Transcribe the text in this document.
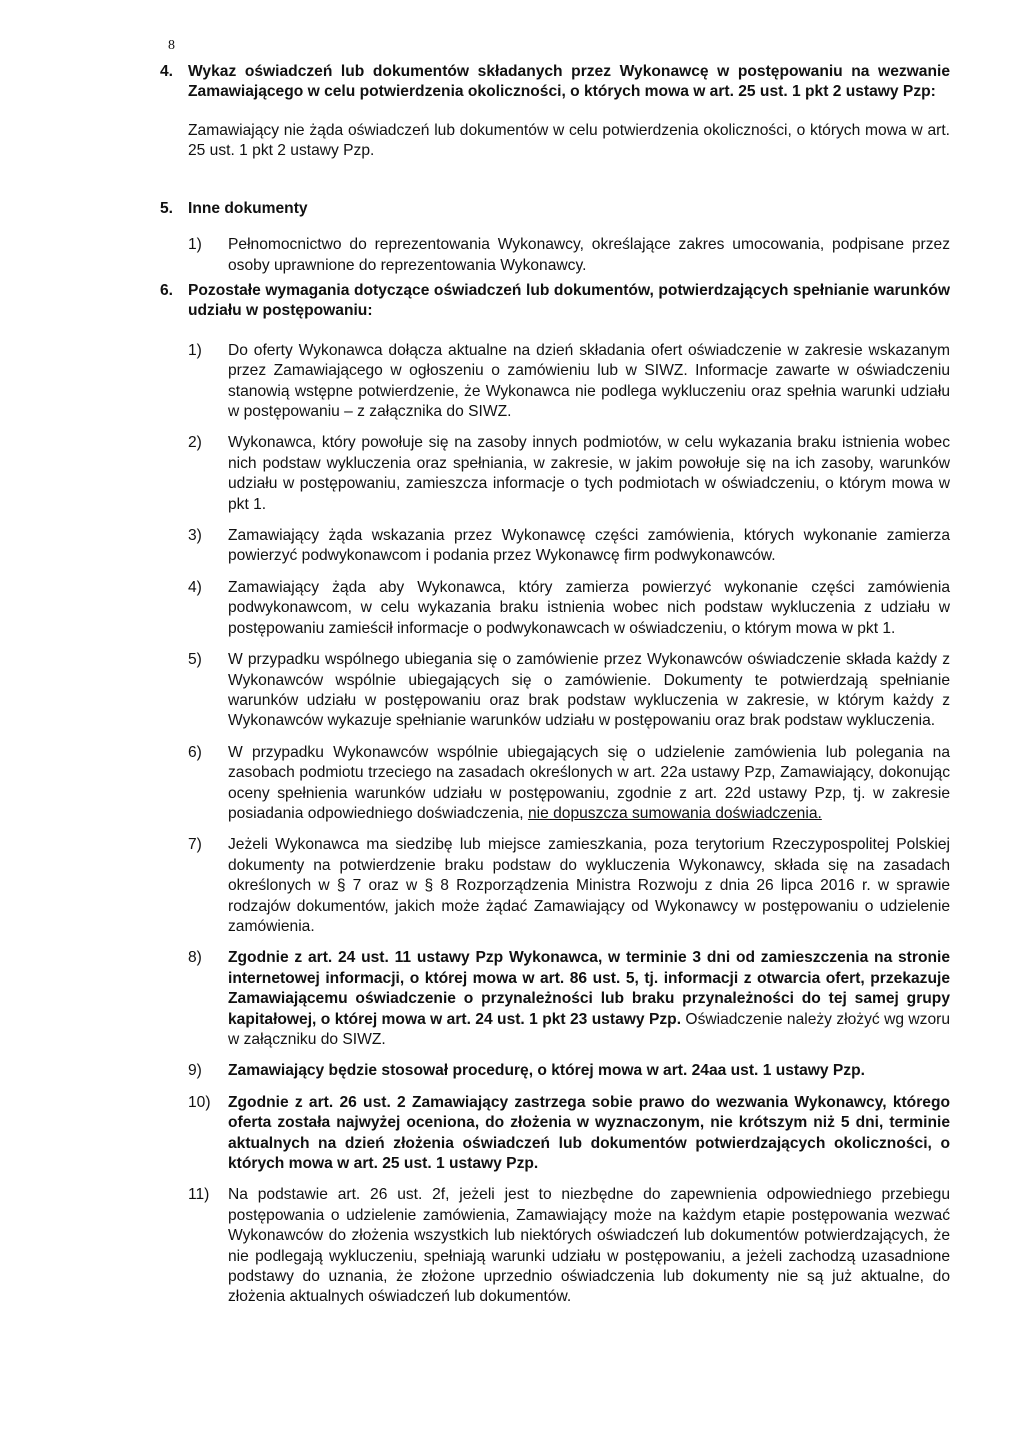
8
4. Wykaz oświadczeń lub dokumentów składanych przez Wykonawcę w postępowaniu na wezwanie Zamawiającego w celu potwierdzenia okoliczności, o których mowa w art. 25 ust. 1 pkt 2 ustawy Pzp:
Zamawiający nie żąda oświadczeń lub dokumentów w celu potwierdzenia okoliczności, o których mowa w art. 25 ust. 1 pkt 2 ustawy Pzp.
5. Inne dokumenty
1)	Pełnomocnictwo do reprezentowania Wykonawcy, określające zakres umocowania, podpisane przez osoby uprawnione do reprezentowania Wykonawcy.
6. Pozostałe wymagania dotyczące oświadczeń lub dokumentów, potwierdzających spełnianie warunków udziału w postępowaniu:
1)	Do oferty Wykonawca dołącza aktualne na dzień składania ofert oświadczenie w zakresie wskazanym przez Zamawiającego w ogłoszeniu o zamówieniu lub w SIWZ. Informacje zawarte w oświadczeniu stanowią wstępne potwierdzenie, że Wykonawca nie podlega wykluczeniu oraz spełnia warunki udziału w postępowaniu – z załącznika do SIWZ.
2)	Wykonawca, który powołuje się na zasoby innych podmiotów, w celu wykazania braku istnienia wobec nich podstaw wykluczenia oraz spełniania, w zakresie, w jakim powołuje się na ich zasoby, warunków udziału w postępowaniu, zamieszcza informacje o tych podmiotach w oświadczeniu, o którym mowa w pkt 1.
3)	Zamawiający żąda wskazania przez Wykonawcę części zamówienia, których wykonanie zamierza powierzyć podwykonawcom i podania przez Wykonawcę firm podwykonawców.
4)	Zamawiający żąda aby Wykonawca, który zamierza powierzyć wykonanie części zamówienia podwykonawcom, w celu wykazania braku istnienia wobec nich podstaw wykluczenia z udziału w postępowaniu zamieścił informacje o podwykonawcach w oświadczeniu, o którym mowa w pkt 1.
5)	W przypadku wspólnego ubiegania się o zamówienie przez Wykonawców oświadczenie składa każdy z Wykonawców wspólnie ubiegających się o zamówienie. Dokumenty te potwierdzają spełnianie warunków udziału w postępowaniu oraz brak podstaw wykluczenia w zakresie, w którym każdy z Wykonawców wykazuje spełnianie warunków udziału w postępowaniu oraz brak podstaw wykluczenia.
6)	W przypadku Wykonawców wspólnie ubiegających się o udzielenie zamówienia lub polegania na zasobach podmiotu trzeciego na zasadach określonych w art. 22a ustawy Pzp, Zamawiający, dokonując oceny spełnienia warunków udziału w postępowaniu, zgodnie z art. 22d ustawy Pzp, tj. w zakresie posiadania odpowiedniego doświadczenia, nie dopuszcza sumowania doświadczenia.
7)	Jeżeli Wykonawca ma siedzibę lub miejsce zamieszkania, poza terytorium Rzeczypospolitej Polskiej dokumenty na potwierdzenie braku podstaw do wykluczenia Wykonawcy, składa się na zasadach określonych w § 7 oraz w § 8 Rozporządzenia Ministra Rozwoju z dnia 26 lipca 2016 r. w sprawie rodzajów dokumentów, jakich może żądać Zamawiający od Wykonawcy w postępowaniu o udzielenie zamówienia.
8)	Zgodnie z art. 24 ust. 11 ustawy Pzp Wykonawca, w terminie 3 dni od zamieszczenia na stronie internetowej informacji, o której mowa w art. 86 ust. 5, tj. informacji z otwarcia ofert, przekazuje Zamawiającemu oświadczenie o przynależności lub braku przynależności do tej samej grupy kapitałowej, o której mowa w art. 24 ust. 1 pkt 23 ustawy Pzp. Oświadczenie należy złożyć wg wzoru w załączniku do SIWZ.
9)	Zamawiający będzie stosował procedurę, o której mowa w art. 24aa ust. 1 ustawy Pzp.
10)	Zgodnie z art. 26 ust. 2 Zamawiający zastrzega sobie prawo do wezwania Wykonawcy, którego oferta została najwyżej oceniona, do złożenia w wyznaczonym, nie krótszym niż 5 dni, terminie aktualnych na dzień złożenia oświadczeń lub dokumentów potwierdzających okoliczności, o których mowa w art. 25 ust. 1 ustawy Pzp.
11)	Na podstawie art. 26 ust. 2f, jeżeli jest to niezbędne do zapewnienia odpowiedniego przebiegu postępowania o udzielenie zamówienia, Zamawiający może na każdym etapie postępowania wezwać Wykonawców do złożenia wszystkich lub niektórych oświadczeń lub dokumentów potwierdzających, że nie podlegają wykluczeniu, spełniają warunki udziału w postępowaniu, a jeżeli zachodzą uzasadnione podstawy do uznania, że złożone uprzednio oświadczenia lub dokumenty nie są już aktualne, do złożenia aktualnych oświadczeń lub dokumentów.
